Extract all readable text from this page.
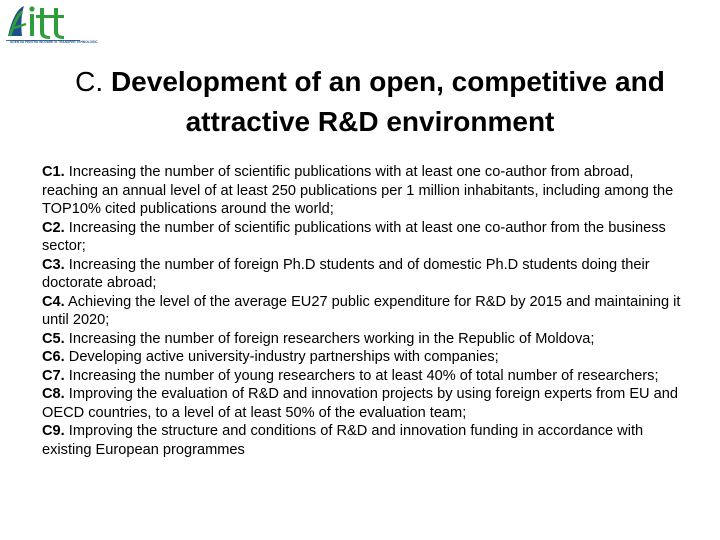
AGENTIA PENTRU INOVARE SI TRANSFER TEHNOLOGIC
C. Development of an open, competitive and attractive R&D environment

C1. Increasing the number of scientific publications with at least one co-author from abroad, reaching an annual level of at least 250 publications per 1 million inhabitants, including among the TOP10% cited publications around the world;

C2. Increasing the number of scientific publications with at least one co-author from the business sector;

C3. Increasing the number of foreign Ph.D students and of domestic Ph.D students doing their doctorate abroad;

C4. Achieving the level of the average EU27 public expenditure for R&D by 2015 and maintaining it until 2020;

C5. Increasing the number of foreign researchers working in the Republic of Moldova;

C6. Developing active university-industry partnerships with companies;

C7. Increasing the number of young researchers to at least 40% of total number of researchers;

C8. Improving the evaluation of R&D and innovation projects by using foreign experts from EU and OECD countries, to a level of at least 50% of the evaluation team;

C9. Improving the structure and conditions of R&D and innovation funding in accordance with existing European programmes
